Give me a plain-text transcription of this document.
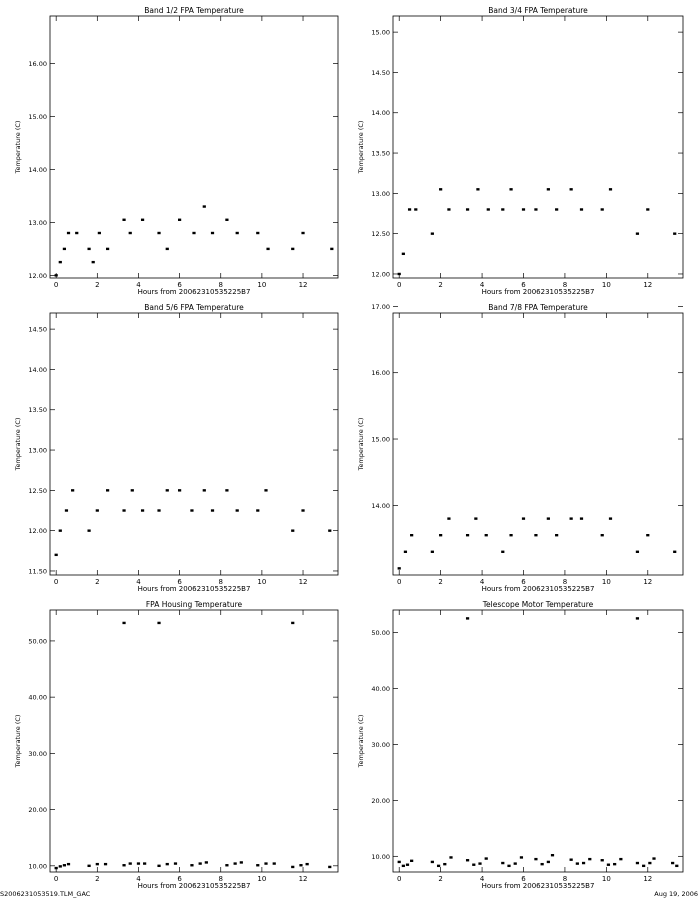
Band 1/2 FPA Temperature
0	2	4	6	8	10	12
12.00
13.00
14.00
15.00
16.00
Hours from 20062310535225B7
Temperature (C)
Band 3/4 FPA Temperature
0	2	4	6	8	10	12
12.00
12.50
13.00
13.50
14.00
14.50
15.00
Hours from 20062310535225B7
Temperature (C)
Band 5/6 FPA Temperature
0	2	4	6	8	10	12
11.50
12.00
12.50
13.00
13.50
14.00
14.50
Hours from 20062310535225B7
Temperature (C)
Band 7/8 FPA Temperature
0	2	4	6	8	10	12
14.00
15.00
16.00
17.00
Hours from 20062310535225B7
Temperature (C)
FPA Housing Temperature
0	2	4	6	8	10	12
10.00
20.00
30.00
40.00
50.00
Hours from 20062310535225B7
Temperature (C)
Telescope Motor Temperature
0	2	4	6	8	10	12
10.00
20.00
30.00
40.00
50.00
Hours from 20062310535225B7
Temperature (C)
S2006231053519.TLM_GAC	Aug 19, 2006
